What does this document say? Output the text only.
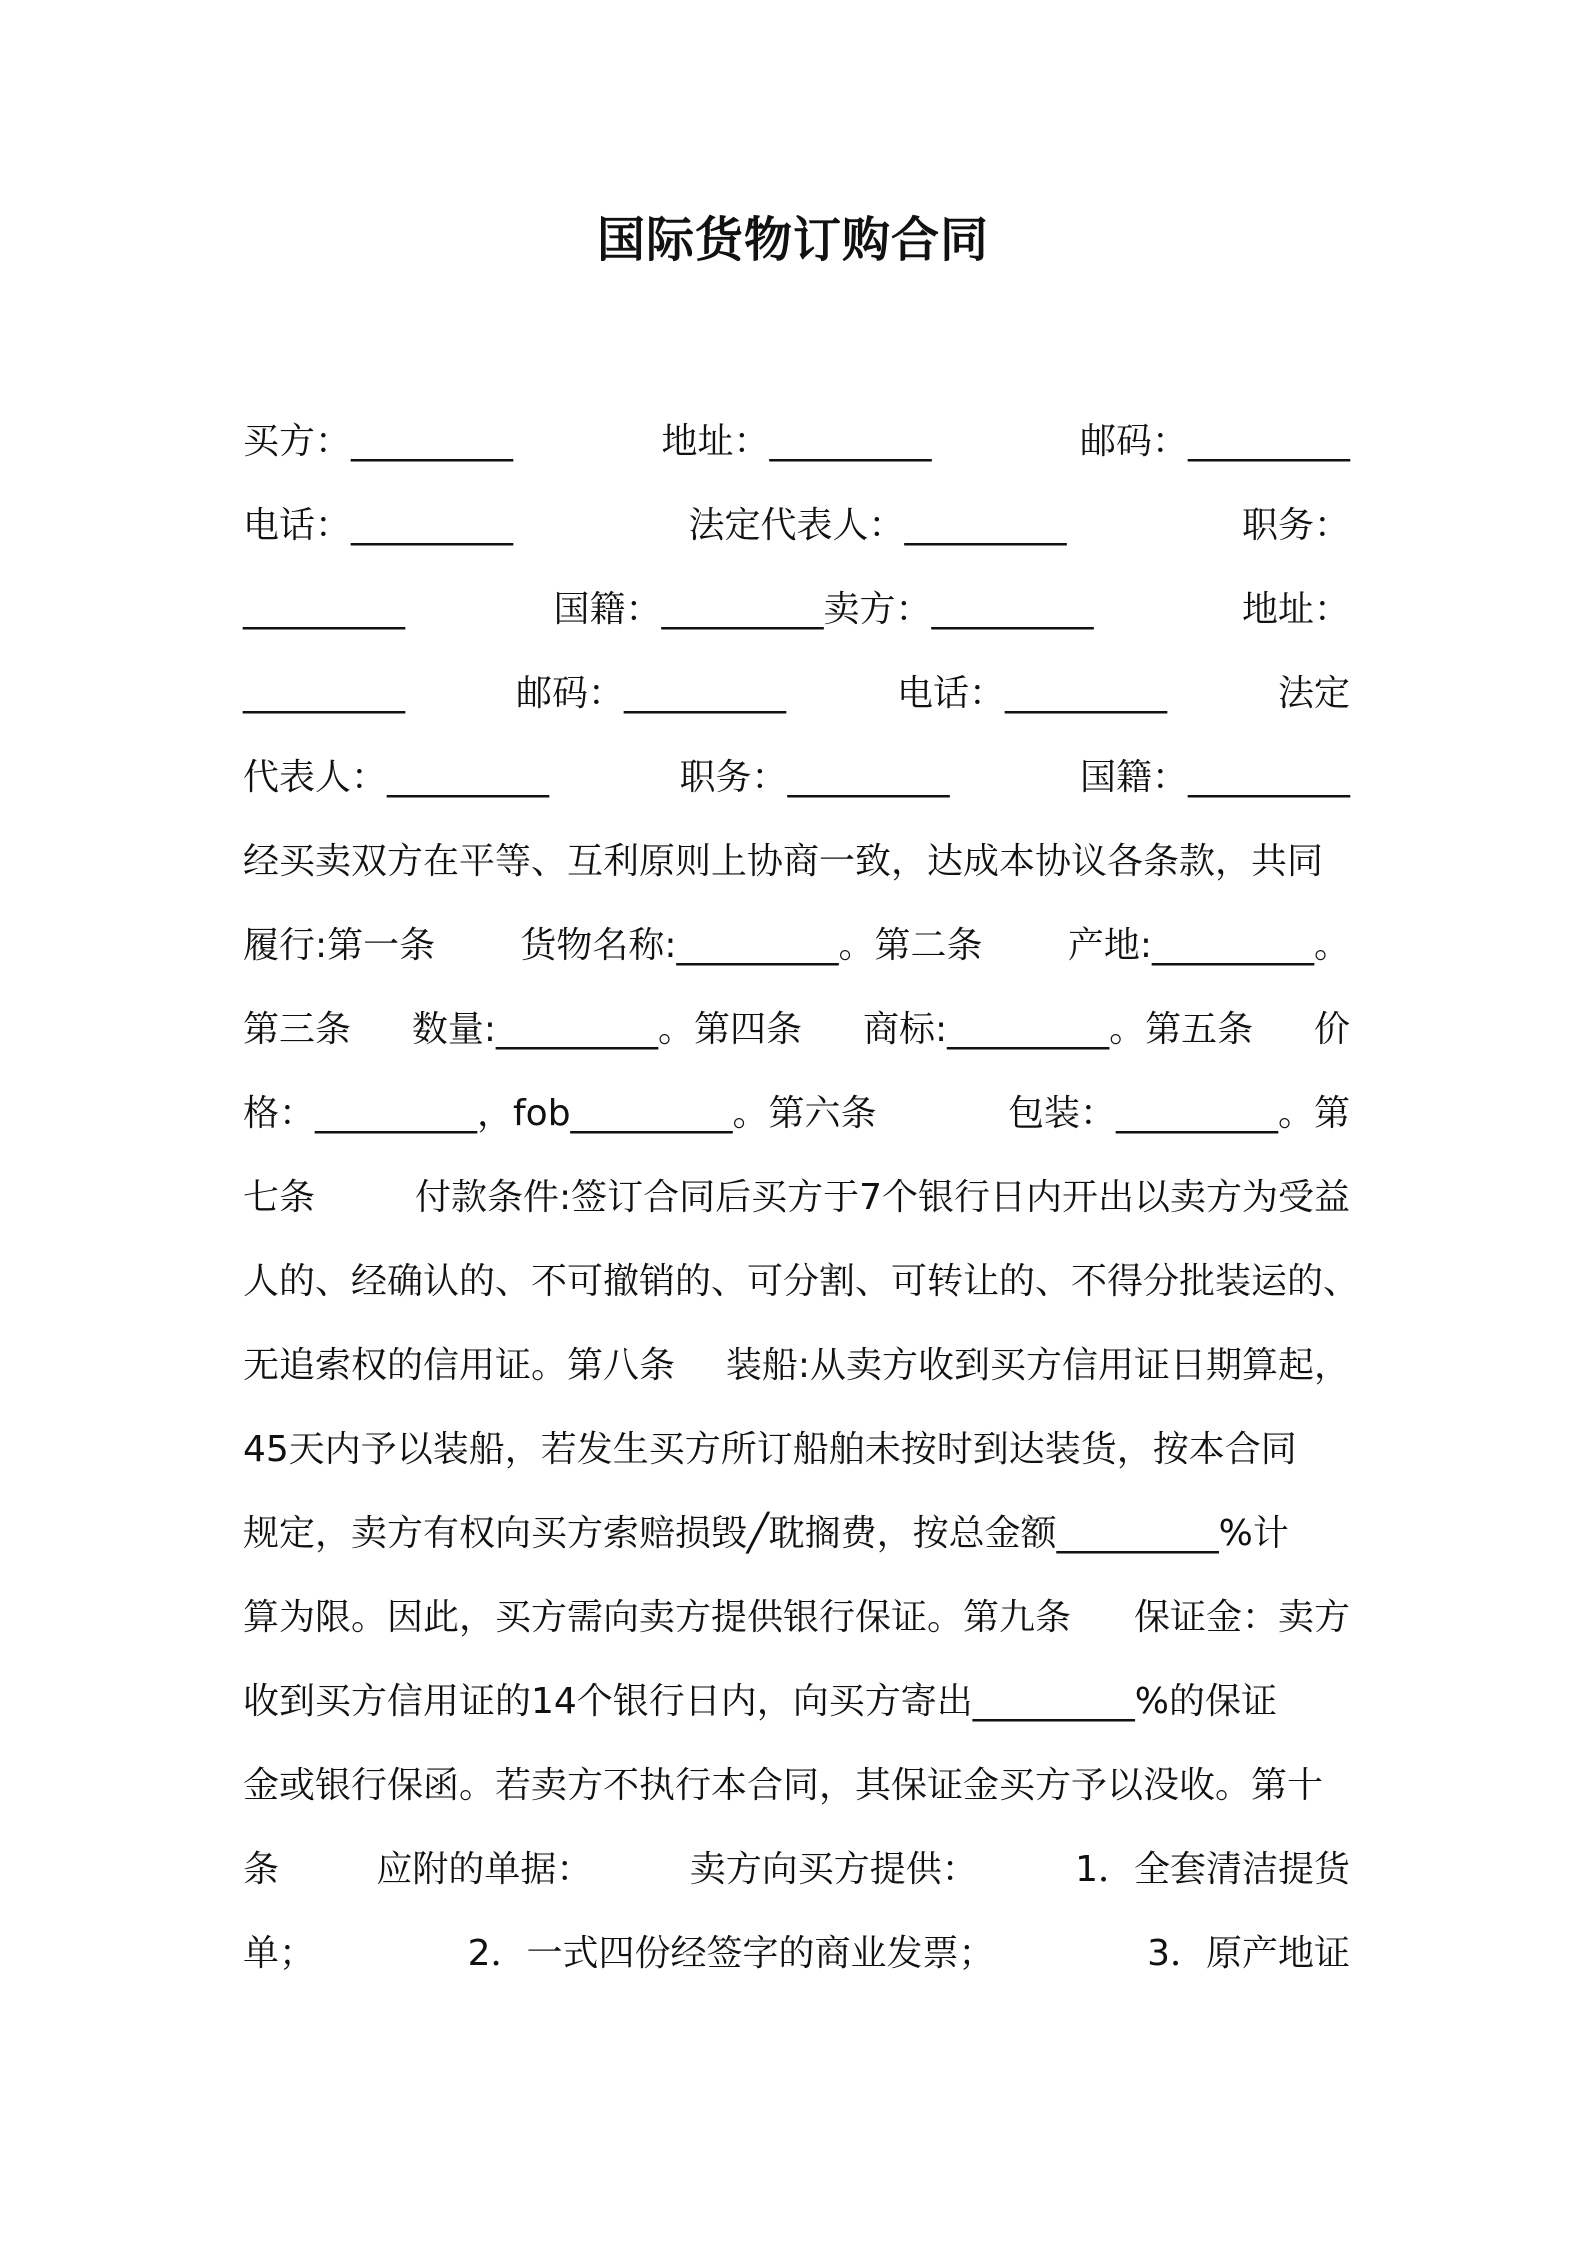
国际货物订购合同
买方：_________	地址：_________	邮码：_________
电话：_________	法定代表人：_________	职务：
_________	国籍：_________卖方：_________	地址：
_________	邮码：_________	电话：_________	法定
代表人：_________	职务：_________	国籍：_________
经买卖双方在平等、互利原则上协商一致，达成本协议各条款，共同
履行:第一条 货物名称:_________。第二条 产地:_________。
第三条 数量:_________。第四条 商标:_________。第五条 价
格：_________，fob_________。第六条	包装：_________。第
七条	付款条件:签订合同后买方于7个银行日内开出以卖方为受益
人的、经确认的、不可撤销的、可分割、可转让的、不得分批装运的、
无追索权的信用证。第八条 装船:从卖方收到买方信用证日期算起，
45天内予以装船，若发生买方所订船舶未按时到达装货，按本合同
规定，卖方有权向买方索赔损毁╱耽搁费，按总金额_________%计
算为限。因此，买方需向卖方提供银行保证。第九条 保证金：卖方
收到买方信用证的14个银行日内，向买方寄出_________%的保证
金或银行保函。若卖方不执行本合同，其保证金买方予以没收。第十
条	应附的单据：	卖方向买方提供：	1．全套清洁提货
单；	2．一式四份经签字的商业发票；	3．原产地证
